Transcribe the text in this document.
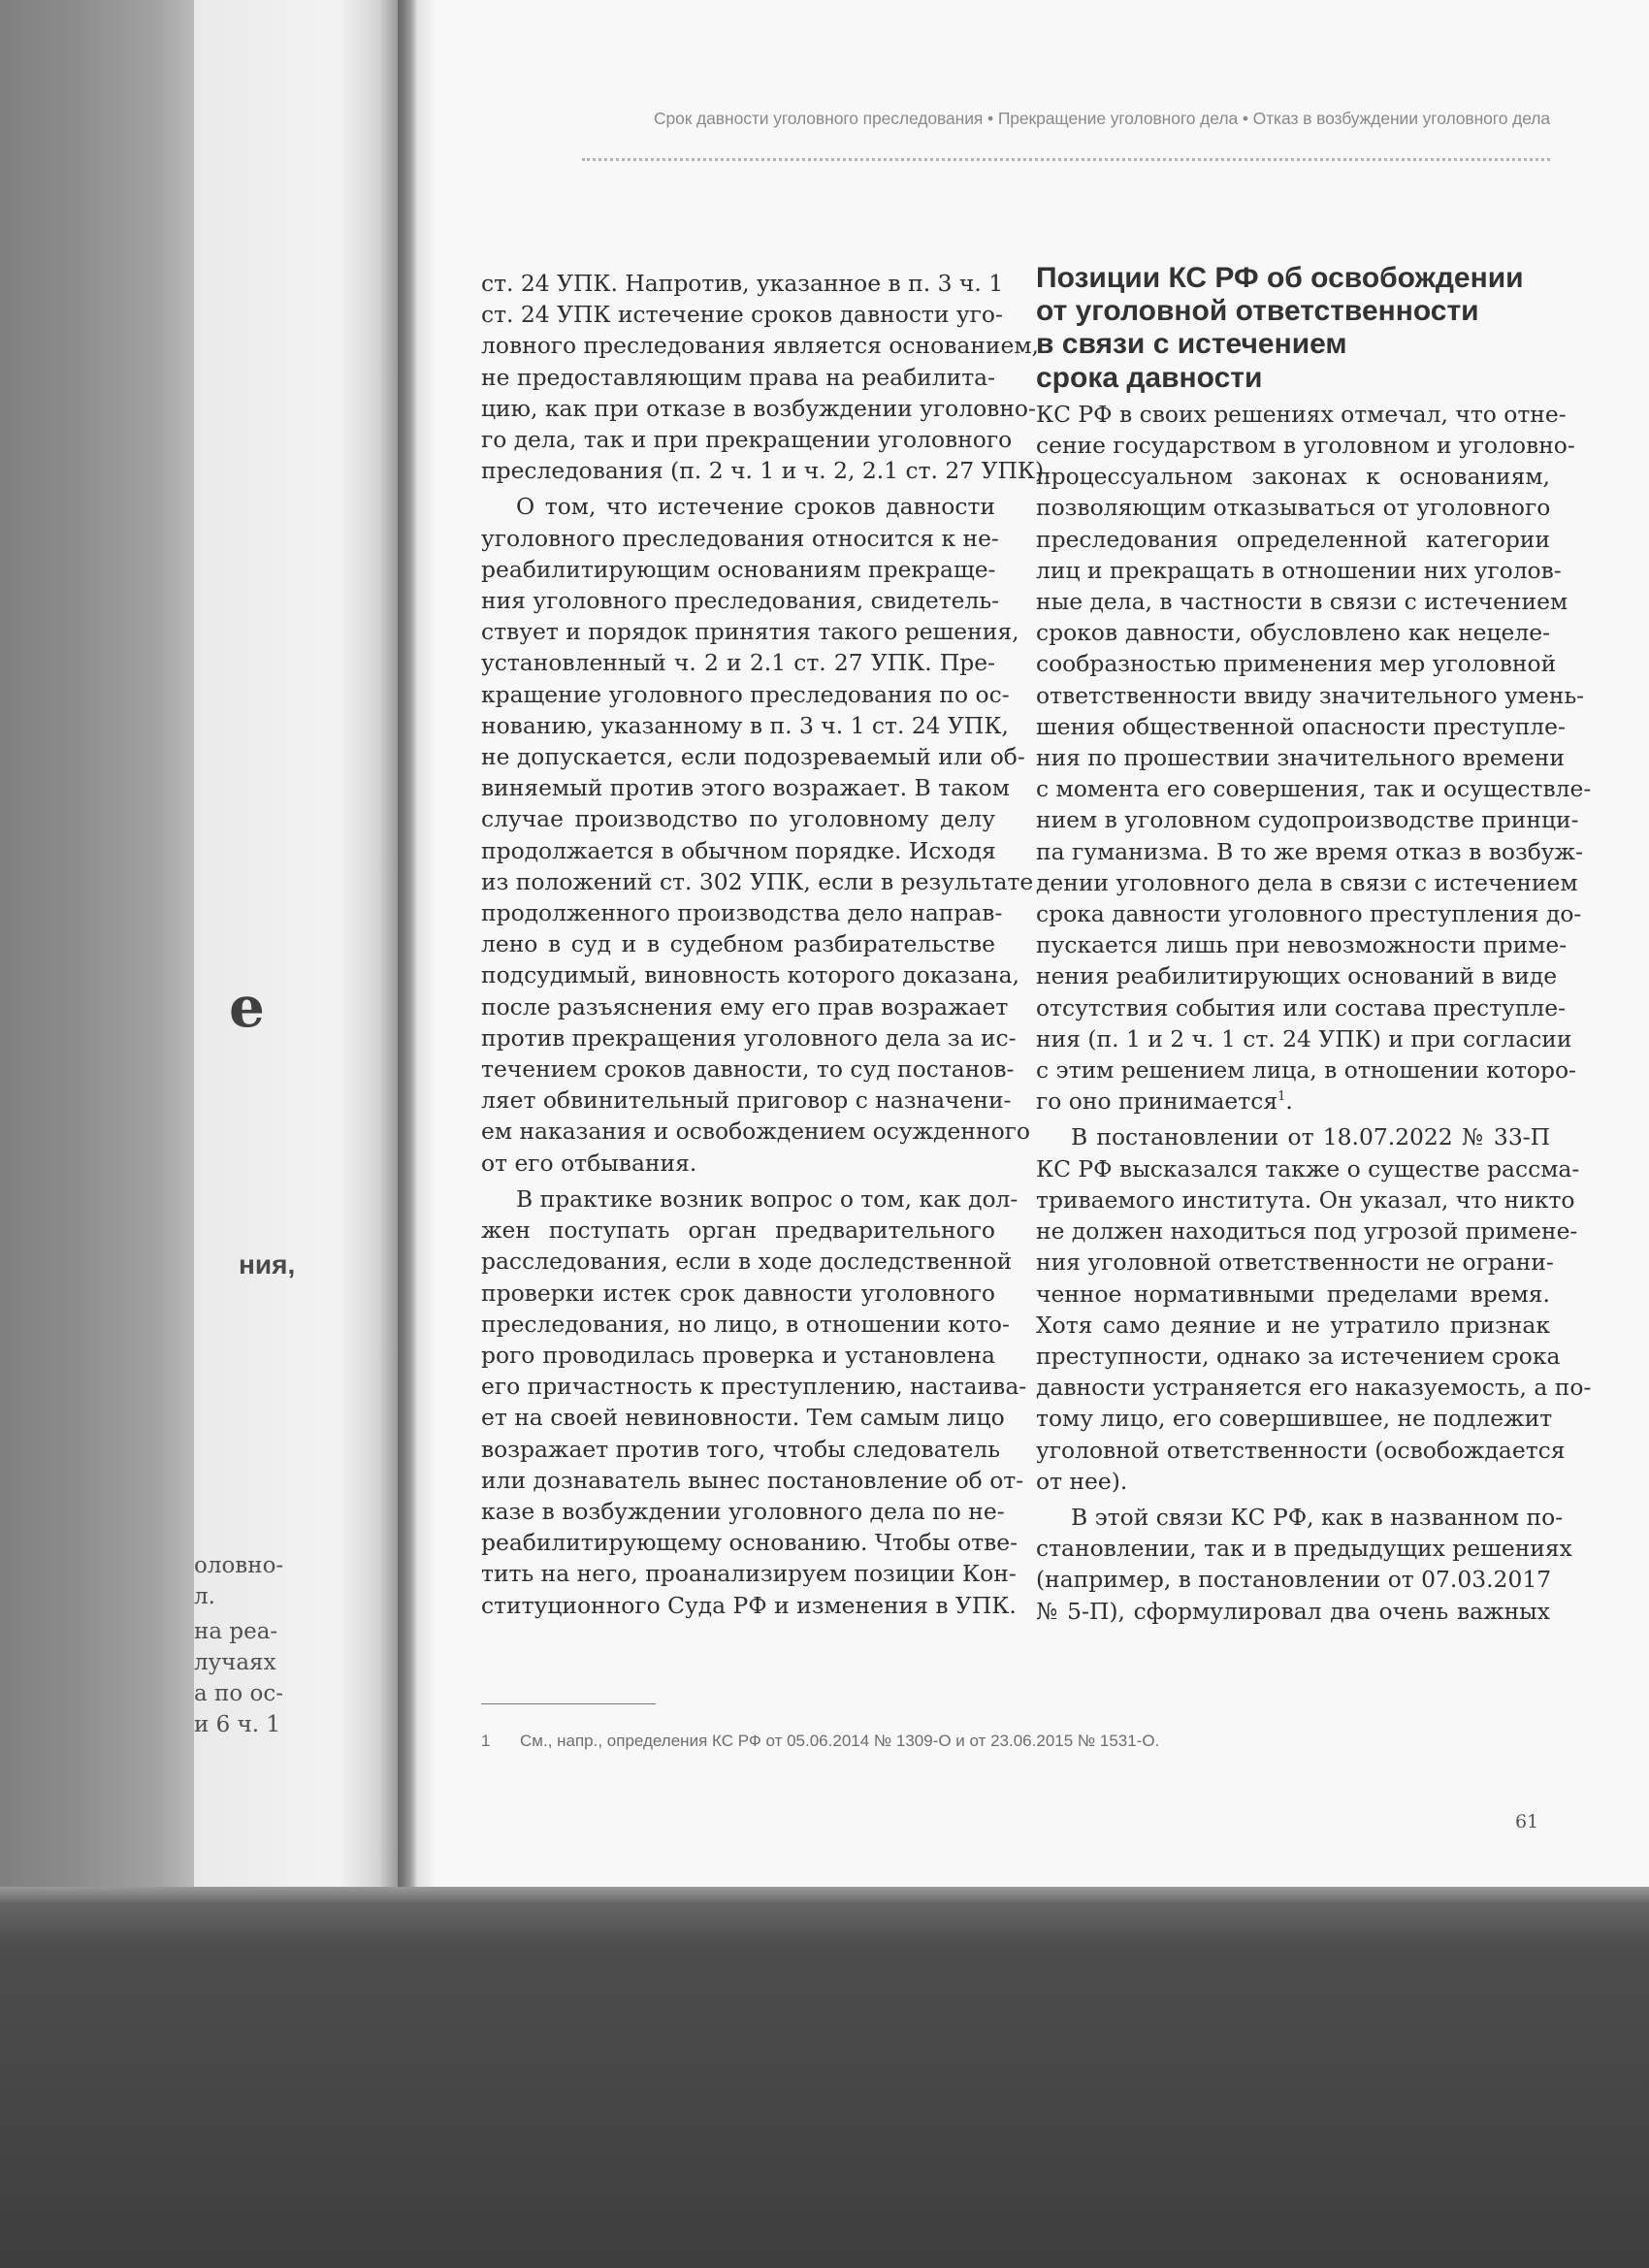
е
ния,
оловно-
л.
на реа-
лучаях
а по ос-
и 6 ч. 1
Срок давности уголовного преследования • Прекращение уголовного дела • Отказ в возбуждении уголовного дела
ст. 24 УПК. Напротив, указанное в п. 3 ч. 1
ст. 24 УПК истечение сроков давности уго-
ловного преследования является основанием,
не предоставляющим права на реабилита-
цию, как при отказе в возбуждении уголовно-
го дела, так и при прекращении уголовного
преследования (п. 2 ч. 1 и ч. 2, 2.1 ст. 27 УПК).
О том, что истечение сроков давности
уголовного преследования относится к не-
реабилитирующим основаниям прекраще-
ния уголовного преследования, свидетель-
ствует и порядок принятия такого решения,
установленный ч. 2 и 2.1 ст. 27 УПК. Пре-
кращение уголовного преследования по ос-
нованию, указанному в п. 3 ч. 1 ст. 24 УПК,
не допускается, если подозреваемый или об-
виняемый против этого возражает. В таком
случае производство по уголовному делу
продолжается в обычном порядке. Исходя
из положений ст. 302 УПК, если в результате
продолженного производства дело направ-
лено в суд и в судебном разбирательстве
подсудимый, виновность которого доказана,
после разъяснения ему его прав возражает
против прекращения уголовного дела за ис-
течением сроков давности, то суд постанов-
ляет обвинительный приговор с назначени-
ем наказания и освобождением осужденного
от его отбывания.
В практике возник вопрос о том, как дол-
жен поступать орган предварительного
расследования, если в ходе доследственной
проверки истек срок давности уголовного
преследования, но лицо, в отношении кото-
рого проводилась проверка и установлена
его причастность к преступлению, настаива-
ет на своей невиновности. Тем самым лицо
возражает против того, чтобы следователь
или дознаватель вынес постановление об от-
казе в возбуждении уголовного дела по не-
реабилитирующему основанию. Чтобы отве-
тить на него, проанализируем позиции Кон-
ституционного Суда РФ и изменения в УПК.
Позиции КС РФ об освобождении
от уголовной ответственности
в связи с истечением
срока давности
КС РФ в своих решениях отмечал, что отне-
сение государством в уголовном и уголовно-
процессуальном законах к основаниям,
позволяющим отказываться от уголовного
преследования определенной категории
лиц и прекращать в отношении них уголов-
ные дела, в частности в связи с истечением
сроков давности, обусловлено как нецеле-
сообразностью применения мер уголовной
ответственности ввиду значительного умень-
шения общественной опасности преступле-
ния по прошествии значительного времени
с момента его совершения, так и осуществле-
нием в уголовном судопроизводстве принци-
па гуманизма. В то же время отказ в возбуж-
дении уголовного дела в связи с истечением
срока давности уголовного преступления до-
пускается лишь при невозможности приме-
нения реабилитирующих оснований в виде
отсутствия события или состава преступле-
ния (п. 1 и 2 ч. 1 ст. 24 УПК) и при согласии
с этим решением лица, в отношении которо-
го оно принимается$^1$.
В постановлении от 18.07.2022 № 33-П
КС РФ высказался также о существе рассма-
триваемого института. Он указал, что никто
не должен находиться под угрозой примене-
ния уголовной ответственности не ограни-
ченное нормативными пределами время.
Хотя само деяние и не утратило признак
преступности, однако за истечением срока
давности устраняется его наказуемость, а по-
тому лицо, его совершившее, не подлежит
уголовной ответственности (освобождается
от нее).
В этой связи КС РФ, как в названном по-
становлении, так и в предыдущих решениях
(например, в постановлении от 07.03.2017
№ 5-П), сформулировал два очень важных
1 См., напр., определения КС РФ от 05.06.2014 № 1309-О и от 23.06.2015 № 1531-О.
61
